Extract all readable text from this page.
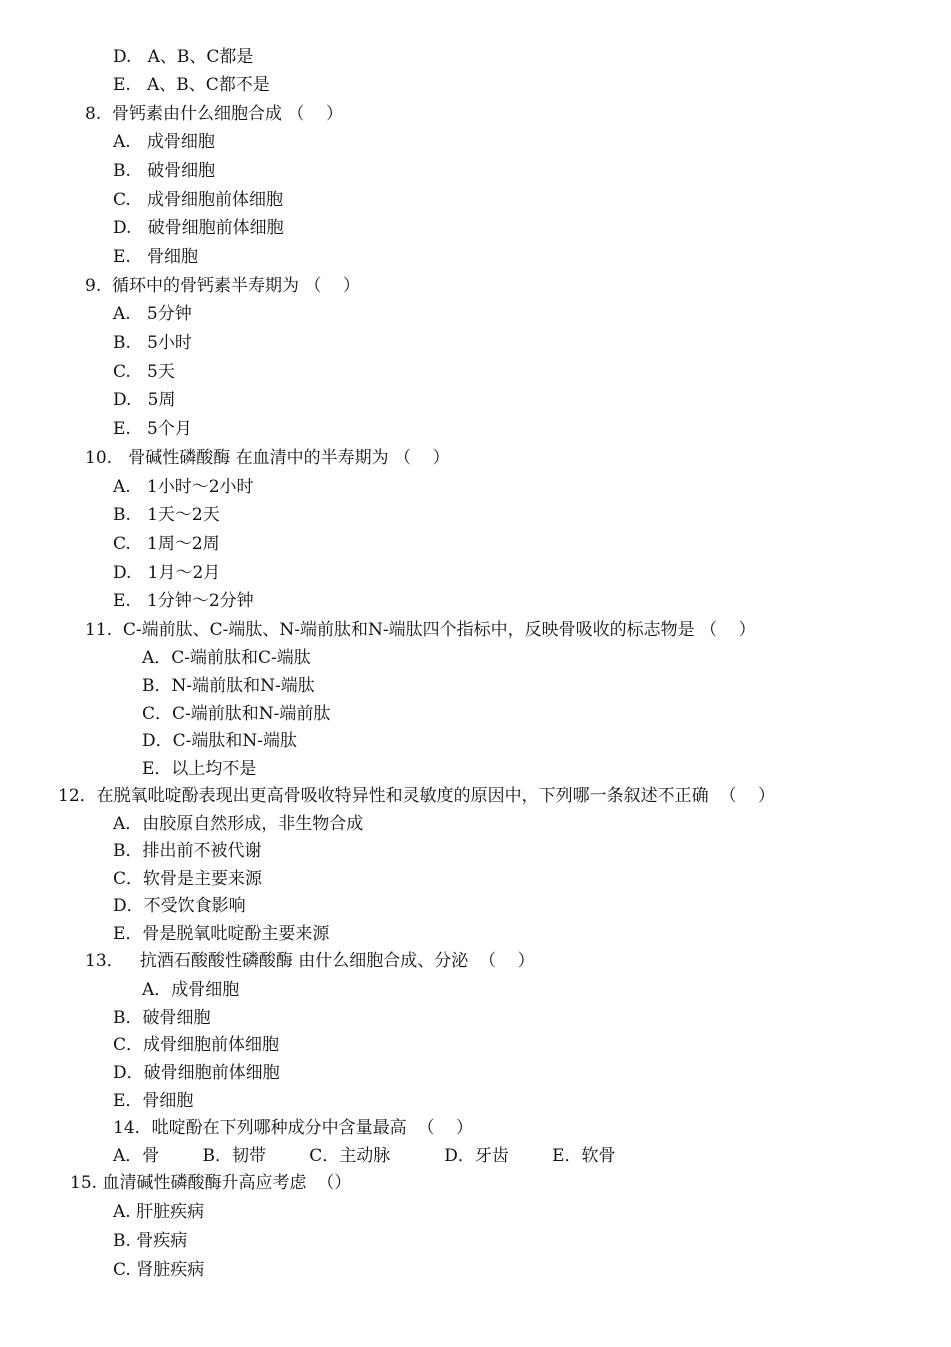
D.   A、B、C都是
E.   A、B、C都不是
8.  骨钙素由什么细胞合成 （    ）
A.   成骨细胞
B.   破骨细胞
C.   成骨细胞前体细胞
D.   破骨细胞前体细胞
E.   骨细胞
9.  循环中的骨钙素半寿期为 （    ）
A.   5分钟
B.   5小时
C.   5天
D.   5周
E.   5个月
10.   骨碱性磷酸酶 在血清中的半寿期为 （    ）
A.   1小时～2小时
B.   1天～2天
C.   1周～2周
D.   1月～2月
E.   1分钟～2分钟
11.  C-端前肽、C-端肽、N-端前肽和N-端肽四个指标中，反映骨吸收的标志物是 （    ）
A．C-端前肽和C-端肽
B．N-端前肽和N-端肽
C．C-端前肽和N-端前肽
D．C-端肽和N-端肽
E．以上均不是
12．在脱氧吡啶酚表现出更高骨吸收特异性和灵敏度的原因中，下列哪一条叙述不正确  （    ）
A．由胶原自然形成，非生物合成
B．排出前不被代谢
C．软骨是主要来源
D．不受饮食影响
E．骨是脱氧吡啶酚主要来源
13．   抗酒石酸酸性磷酸酶 由什么细胞合成、分泌  （    ）
A．成骨细胞
B．破骨细胞
C．成骨细胞前体细胞
D．破骨细胞前体细胞
E．骨细胞
14．吡啶酚在下列哪种成分中含量最高  （    ）
A．骨        B．韧带        C．主动脉          D．牙齿        E．软骨
15. 血清碱性磷酸酶升高应考虑  （）
A. 肝脏疾病
B. 骨疾病
C. 肾脏疾病
